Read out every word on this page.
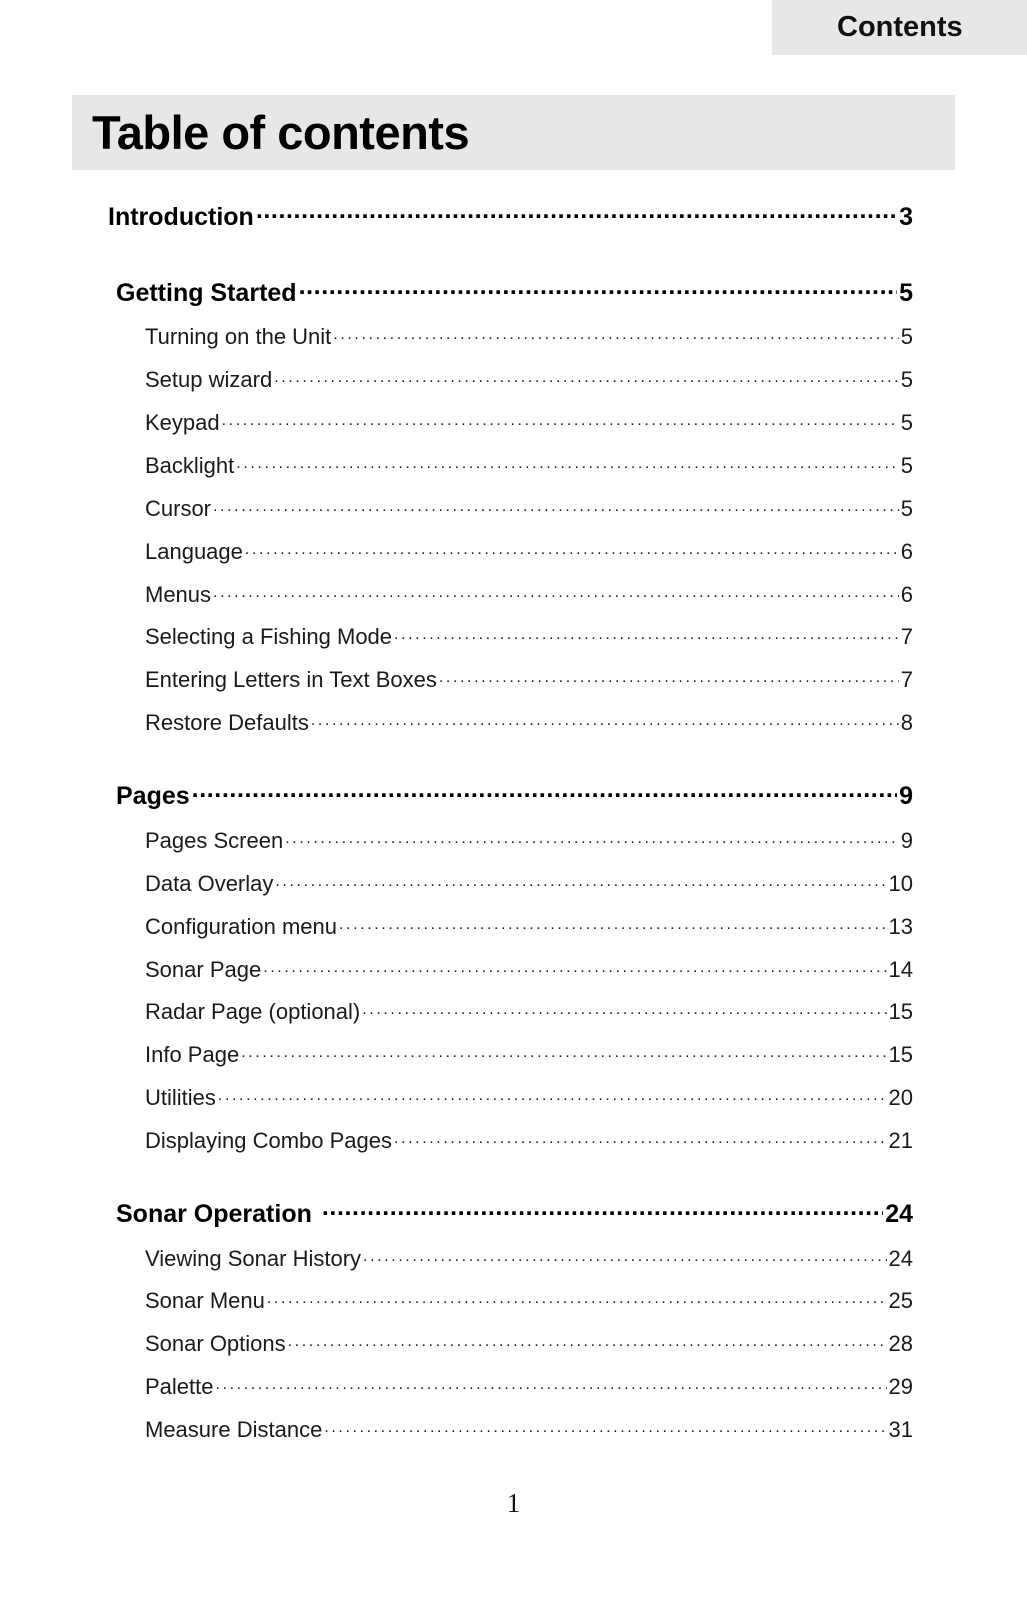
Contents
Table of contents
Introduction .....	3
Getting Started .....	5
Turning on the Unit .....	5
Setup wizard .....	5
Keypad .....	5
Backlight .....	5
Cursor .....	5
Language .....	6
Menus .....	6
Selecting a Fishing Mode .....	7
Entering Letters in Text Boxes .....	7
Restore Defaults .....	8
Pages .....	9
Pages Screen .....	9
Data Overlay .....	10
Configuration menu .....	13
Sonar Page .....	14
Radar Page (optional) .....	15
Info Page .....	15
Utilities .....	20
Displaying Combo Pages .....	21
Sonar Operation .....	24
Viewing Sonar History .....	24
Sonar Menu .....	25
Sonar Options .....	28
Palette .....	29
Measure Distance .....	31
1
